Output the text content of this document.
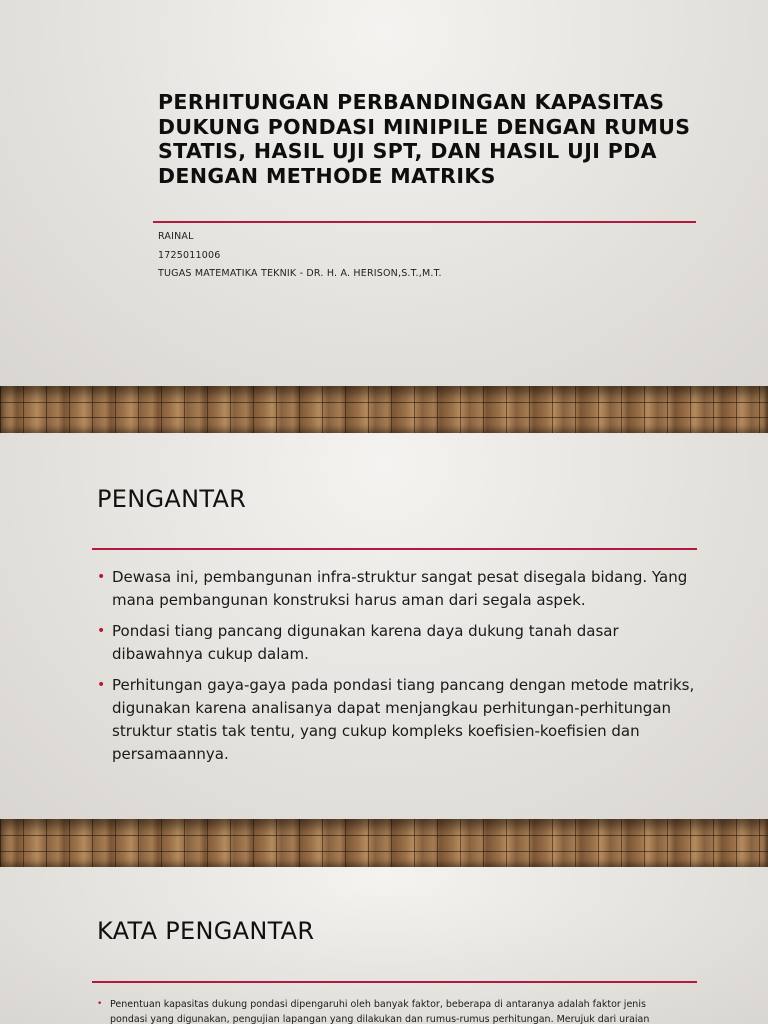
PERHITUNGAN PERBANDINGAN KAPASITAS DUKUNG PONDASI MINIPILE DENGAN RUMUS STATIS, HASIL UJI SPT, DAN HASIL UJI PDA DENGAN METHODE MATRIKS
RAINAL
1725011006
TUGAS MATEMATIKA TEKNIK - DR. H. A. HERISON,S.T.,M.T.
PENGANTAR
• Dewasa ini, pembangunan infra-struktur sangat pesat disegala bidang. Yang mana pembangunan konstruksi harus aman dari segala aspek.
• Pondasi tiang pancang digunakan karena daya dukung tanah dasar dibawahnya cukup dalam.
• Perhitungan gaya-gaya pada pondasi tiang pancang dengan metode matriks, digunakan karena analisanya dapat menjangkau perhitungan-perhitungan struktur statis tak tentu, yang cukup kompleks koefisien-koefisien dan persamaannya.
KATA PENGANTAR
• Penentuan kapasitas dukung pondasi dipengaruhi oleh banyak faktor, beberapa di antaranya adalah faktor jenis pondasi yang digunakan, pengujian lapangan yang dilakukan dan rumus-rumus perhitungan. Merujuk dari uraian
